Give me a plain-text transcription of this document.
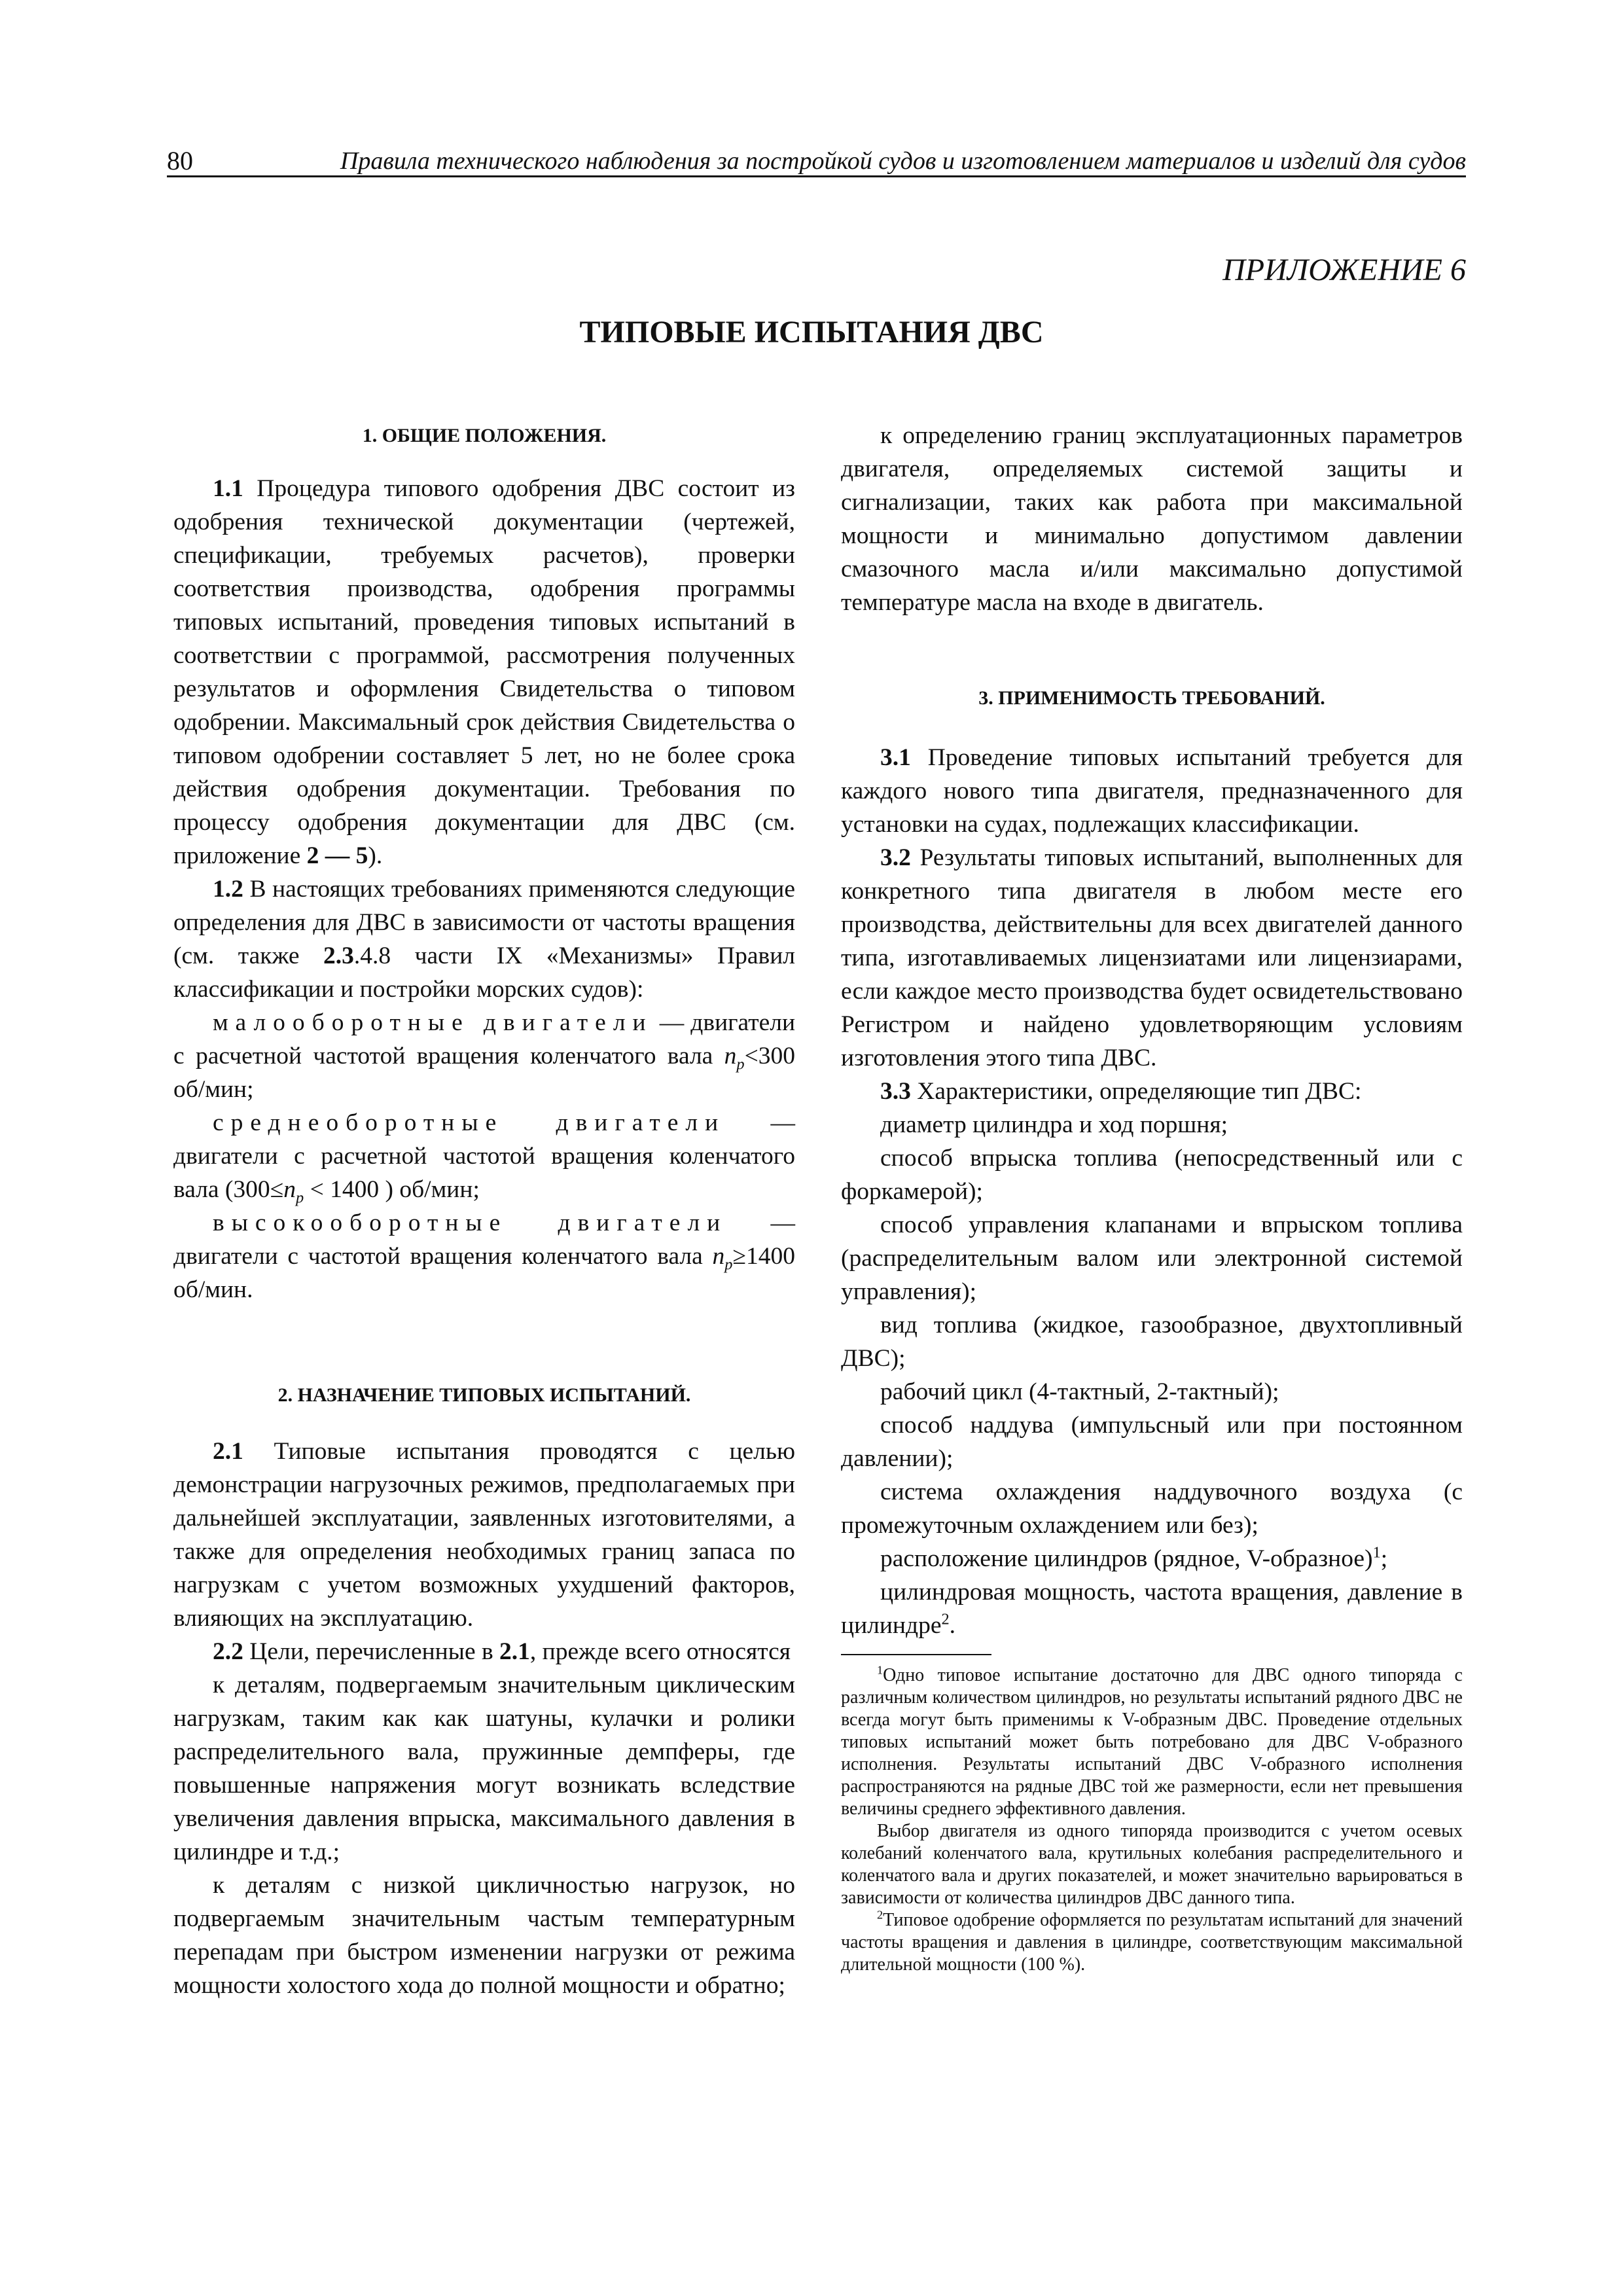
80	Правила технического наблюдения за постройкой судов и изготовлением материалов и изделий для судов
ПРИЛОЖЕНИЕ 6
ТИПОВЫЕ ИСПЫТАНИЯ ДВС
1. ОБЩИЕ ПОЛОЖЕНИЯ.

1.1 Процедура типового одобрения ДВС состоит из одобрения технической документации (чертежей, спецификации, требуемых расчетов), проверки соответствия производства, одобрения программы типовых испытаний, проведения типовых испытаний в соответствии с программой, рассмотрения полученных результатов и оформления Свидетельства о типовом одобрении. Максимальный срок действия Свидетельства о типовом одобрении составляет 5 лет, но не более срока действия одобрения документации. Требования по процессу одобрения документации для ДВС (см. приложение 2 — 5).

1.2 В настоящих требованиях применяются следующие определения для ДВС в зависимости от частоты вращения (см. также 2.3.4.8 части IX «Механизмы» Правил классификации и постройки морских судов):

малооборотные двигатели — двигатели с расчетной частотой вращения коленчатого вала $n_p<300$ об/мин;

среднеоборотные двигатели — двигатели с расчетной частотой вращения коленчатого вала ($300\le n_p < 1400$ ) об/мин;

высокооборотные двигатели — двигатели с частотой вращения коленчатого вала $n_p\ge 1400$ об/мин.

2. НАЗНАЧЕНИЕ ТИПОВЫХ ИСПЫТАНИЙ.

2.1 Типовые испытания проводятся с целью демонстрации нагрузочных режимов, предполагаемых при дальнейшей эксплуатации, заявленных изготовителями, а также для определения необходимых границ запаса по нагрузкам с учетом возможных ухудшений факторов, влияющих на эксплуатацию.

2.2 Цели, перечисленные в 2.1, прежде всего относятся

к деталям, подвергаемым значительным циклическим нагрузкам, таким как как шатуны, кулачки и ролики распределительного вала, пружинные демпферы, где повышенные напряжения могут возникать вследствие увеличения давления впрыска, максимального давления в цилиндре и т.д.;

к деталям с низкой цикличностью нагрузок, но подвергаемым значительным частым температурным перепадам при быстром изменении нагрузки от режима мощности холостого хода до полной мощности и обратно;

к определению границ эксплуатационных параметров двигателя, определяемых системой защиты и сигнализации, таких как работа при максимальной мощности и минимально допустимом давлении смазочного масла и/или максимально допустимой температуре масла на входе в двигатель.

3. ПРИМЕНИМОСТЬ ТРЕБОВАНИЙ.

3.1 Проведение типовых испытаний требуется для каждого нового типа двигателя, предназначенного для установки на судах, подлежащих классификации.

3.2 Результаты типовых испытаний, выполненных для конкретного типа двигателя в любом месте его производства, действительны для всех двигателей данного типа, изготавливаемых лицензиатами или лицензиарами, если каждое место производства будет освидетельствовано Регистром и найдено удовлетворяющим условиям изготовления этого типа ДВС.

3.3 Характеристики, определяющие тип ДВС:

диаметр цилиндра и ход поршня;

способ впрыска топлива (непосредственный или с форкамерой);

способ управления клапанами и впрыском топлива (распределительным валом или электронной системой управления);

вид топлива (жидкое, газообразное, двухтопливный ДВС);

рабочий цикл (4-тактный, 2-тактный);

способ наддува (импульсный или при постоянном давлении);

система охлаждения наддувочного воздуха (с промежуточным охлаждением или без);

расположение цилиндров (рядное, V-образное)$^1$;

цилиндровая мощность, частота вращения, давление в цилиндре$^2$.

$^1$Одно типовое испытание достаточно для ДВС одного типоряда с различным количеством цилиндров, но результаты испытаний рядного ДВС не всегда могут быть применимы к V-образным ДВС. Проведение отдельных типовых испытаний может быть потребовано для ДВС V-образного исполнения. Результаты испытаний ДВС V-образного исполнения распространяются на рядные ДВС той же размерности, если нет превышения величины среднего эффективного давления.

Выбор двигателя из одного типоряда производится с учетом осевых колебаний коленчатого вала, крутильных колебания распределительного и коленчатого вала и других показателей, и может значительно варьироваться в зависимости от количества цилиндров ДВС данного типа.

$^2$Типовое одобрение оформляется по результатам испытаний для значений частоты вращения и давления в цилиндре, соответствующим максимальной длительной мощности (100 %).
